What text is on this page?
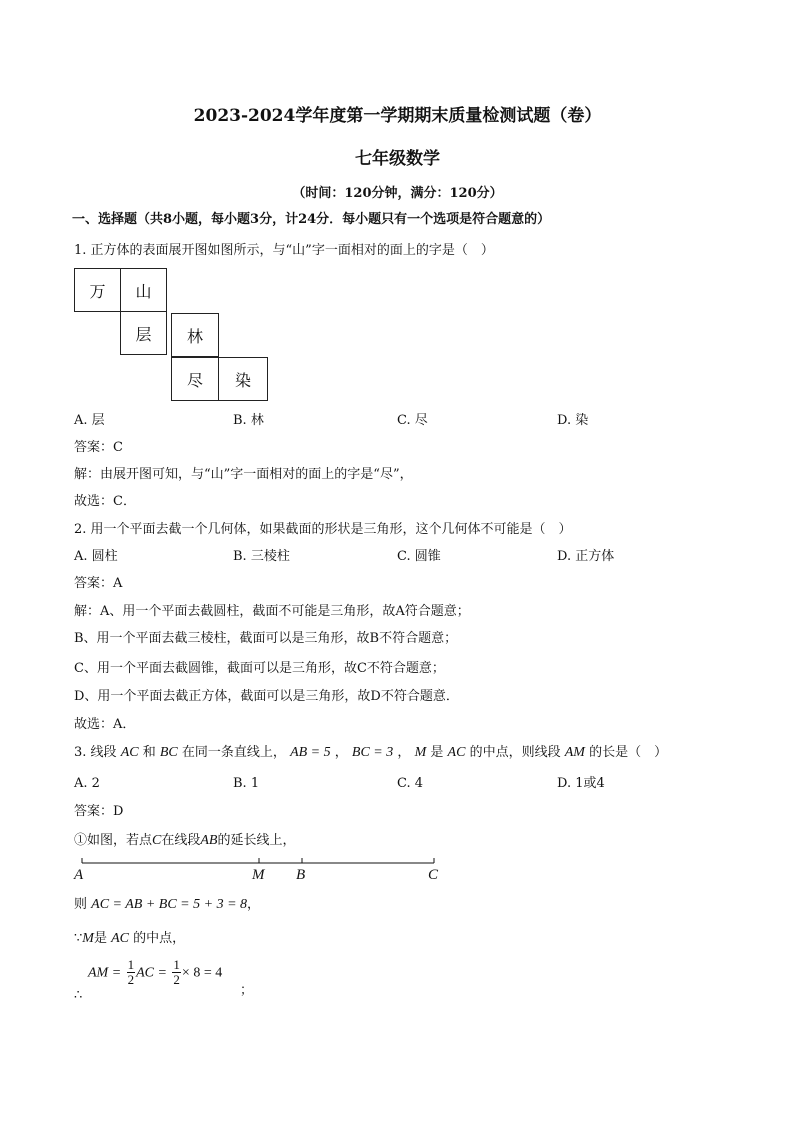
2023-2024学年度第一学期期末质量检测试题（卷）
七年级数学
（时间：120分钟，满分：120分）
一、选择题（共8小题，每小题3分，计24分．每小题只有一个选项是符合题意的）
1. 正方体的表面展开图如图所示，与“山”字一面相对的面上的字是（　）
万	山
层	林
尽	染
A. 层	B. 林	C. 尽	D. 染
答案：C
解：由展开图可知，与“山”字一面相对的面上的字是“尽”，
故选：C．
2. 用一个平面去截一个几何体，如果截面的形状是三角形，这个几何体不可能是（　）
A. 圆柱	B. 三棱柱	C. 圆锥	D. 正方体
答案：A
解：A、用一个平面去截圆柱，截面不可能是三角形，故A符合题意；
B、用一个平面去截三棱柱，截面可以是三角形，故B不符合题意；
C、用一个平面去截圆锥，截面可以是三角形，故C不符合题意；
D、用一个平面去截正方体，截面可以是三角形，故D不符合题意．
故选：A．
3. 线段 AC 和 BC 在同一条直线上， AB = 5 ， BC = 3 ， M 是 AC 的中点，则线段 AM 的长是（　）
A. 2	B. 1	C. 4	D. 1或4
答案：D
①如图，若点C在线段AB的延长线上，
A	M B	C
则 AC = AB + BC = 5 + 3 = 8，
∵M是 AC 的中点，
AM = $\frac{1}{2}$ AC = $\frac{1}{2} \times 8 = 4$
∴	；
